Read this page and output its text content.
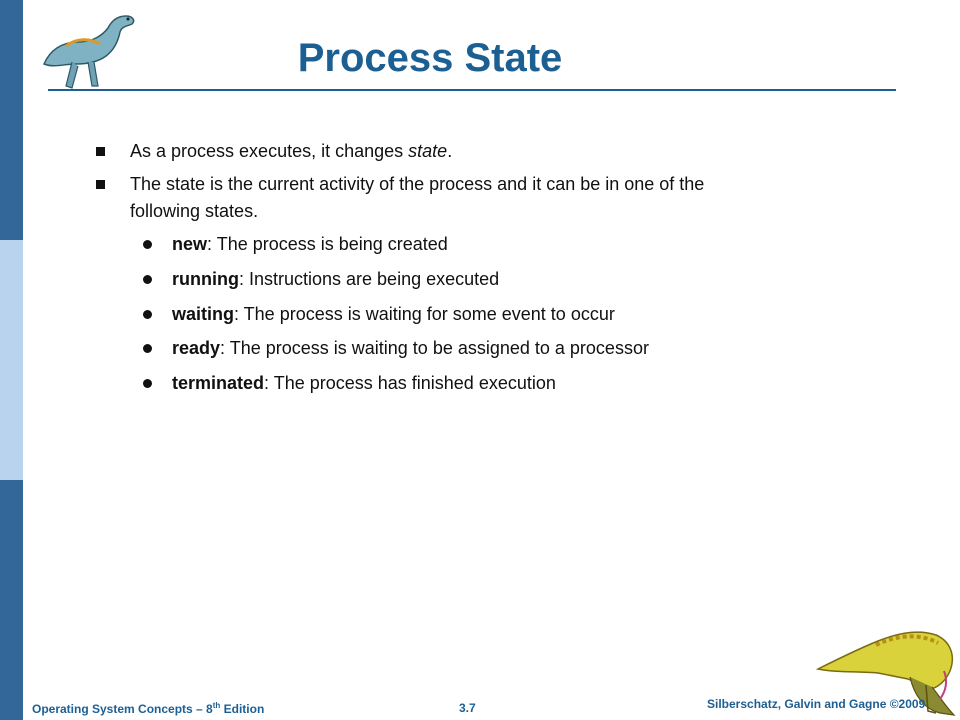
Process State
As a process executes, it changes state.
The state is the current activity of the process and it can be in one of the
following states.
new: The process is being created
running: Instructions are being executed
waiting: The process is waiting for some event to occur
ready: The process is waiting to be assigned to a processor
terminated: The process has finished execution
Operating System Concepts – 8th Edition	3.7	Silberschatz, Galvin and Gagne ©2009
